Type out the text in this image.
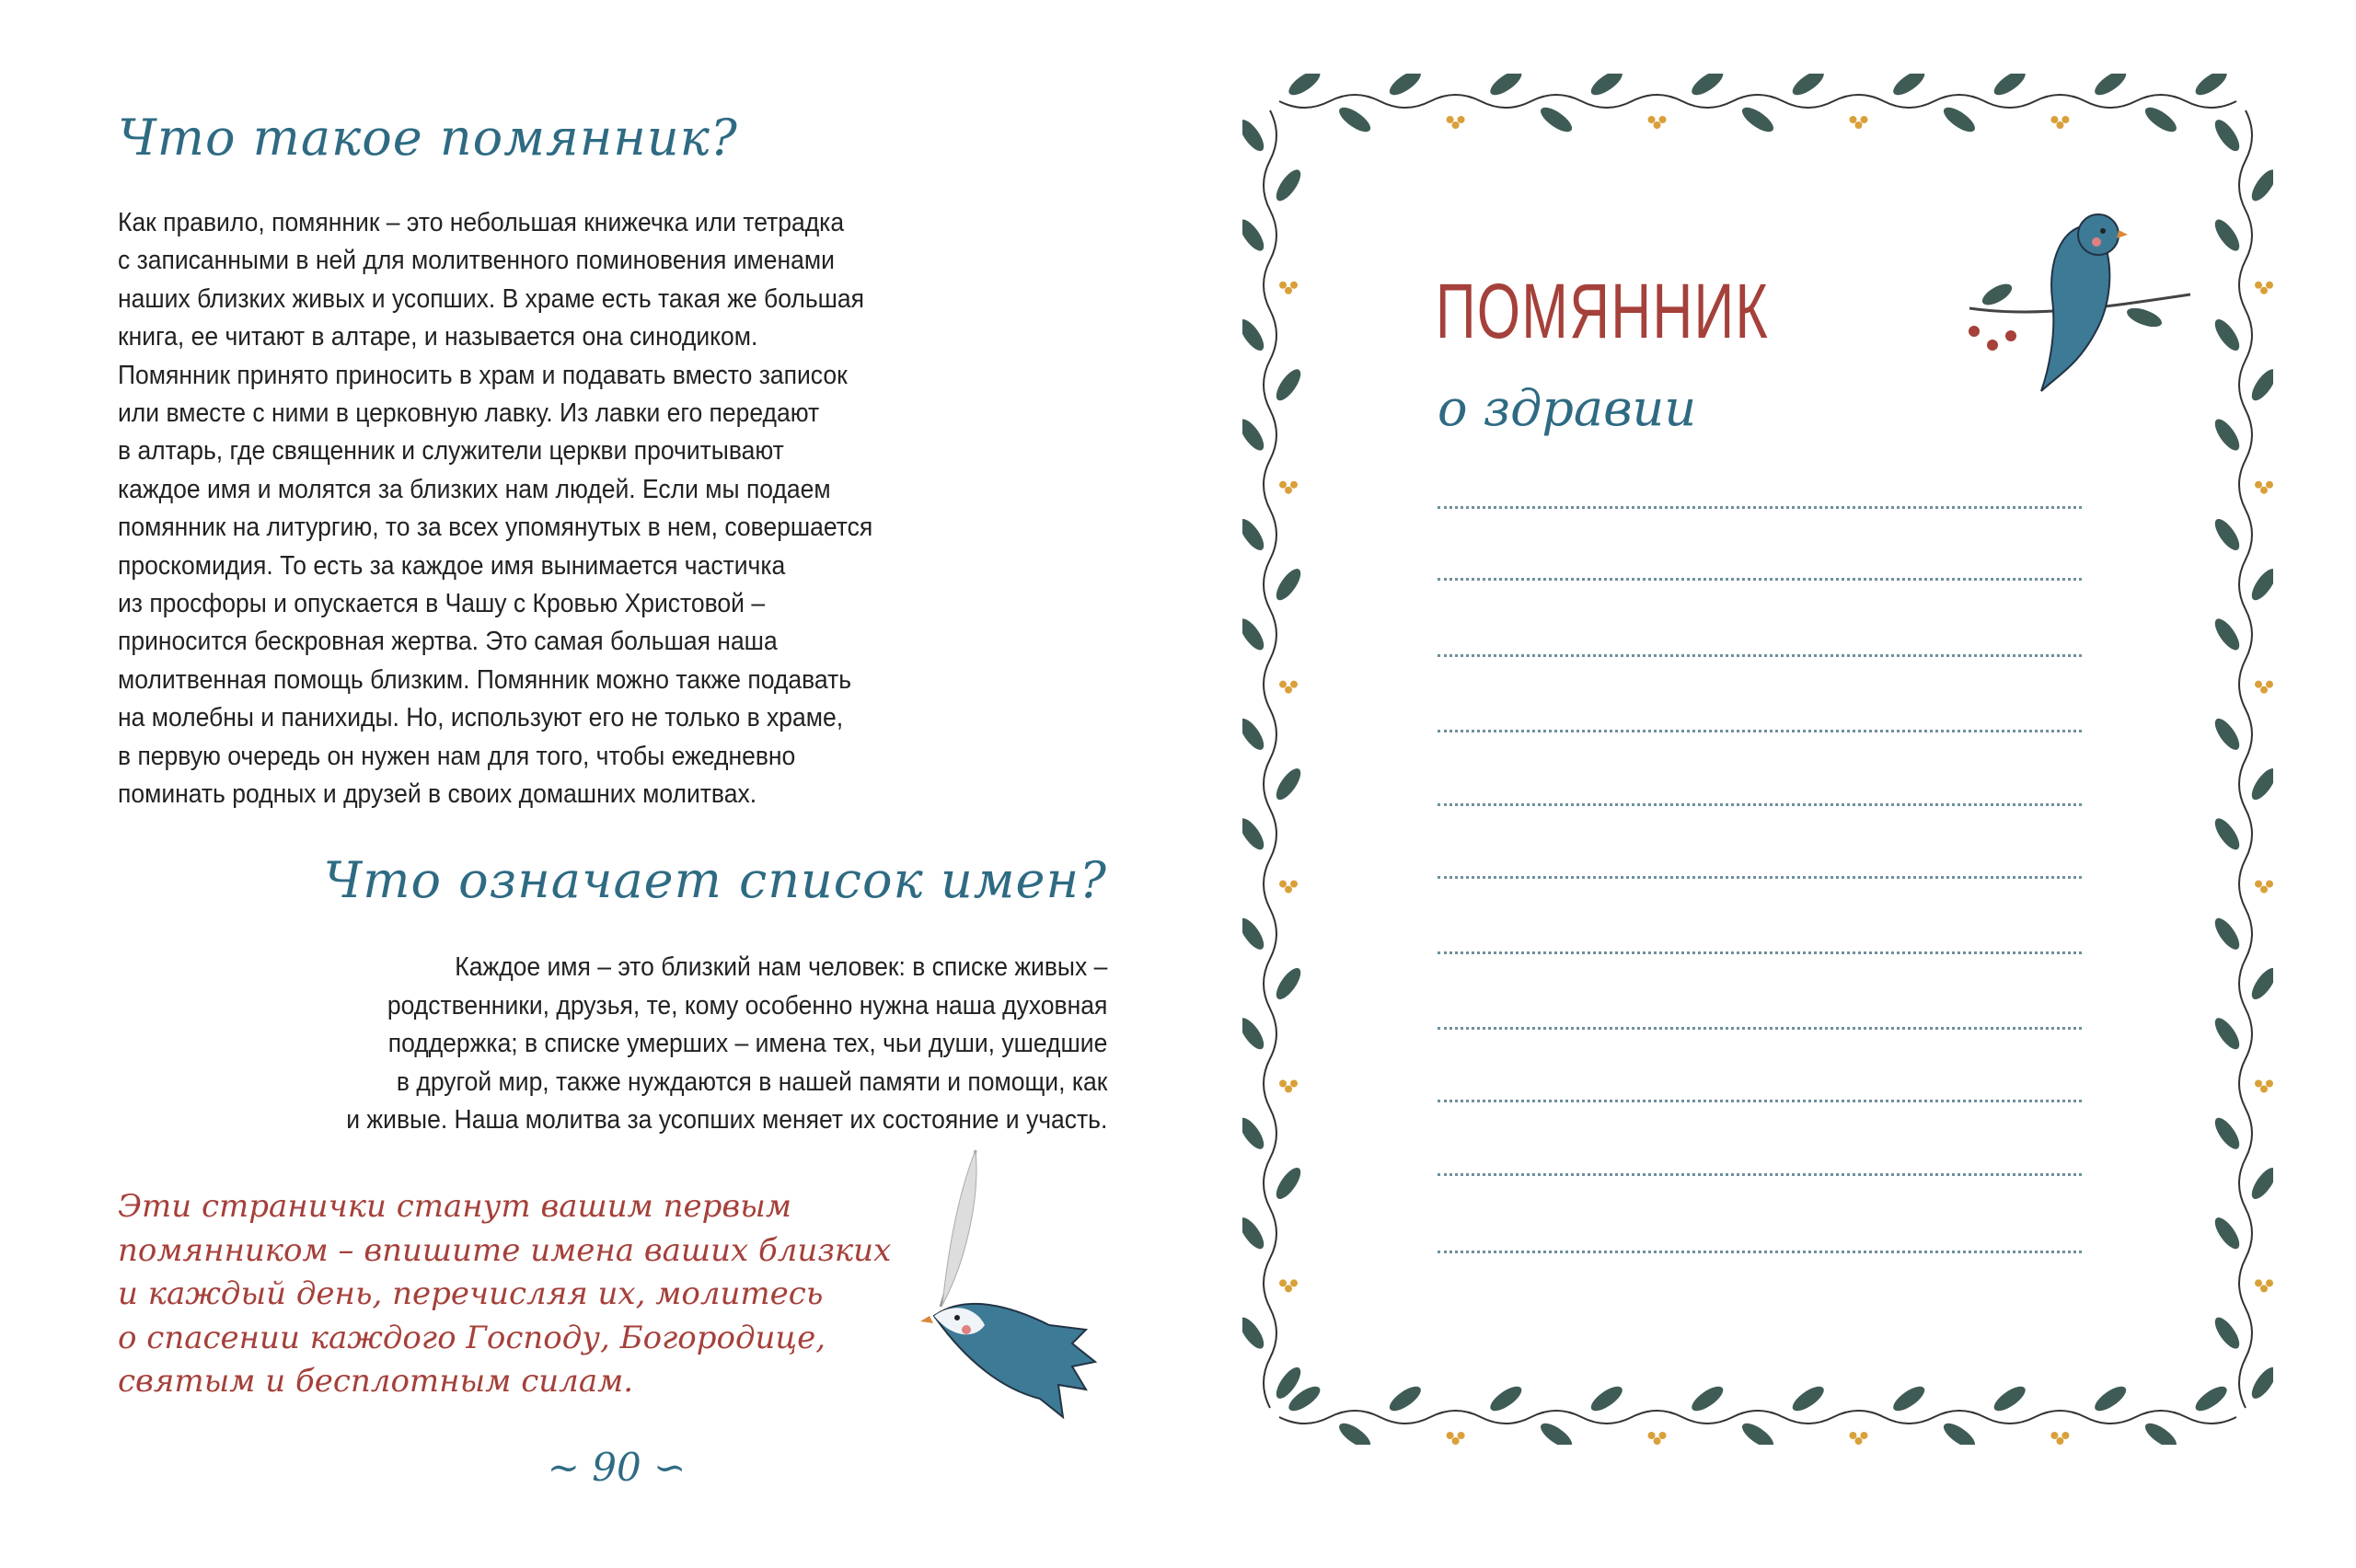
Что такое помянник?
Как правило, помянник – это небольшая книжечка или тетрадка
с записанными в ней для молитвенного поминовения именами
наших близких живых и усопших. В храме есть такая же большая
книга, ее читают в алтаре, и называется она синодиком.
Помянник принято приносить в храм и подавать вместо записок
или вместе с ними в церковную лавку. Из лавки его передают
в алтарь, где священник и служители церкви прочитывают
каждое имя и молятся за близких нам людей. Если мы подаем
помянник на литургию, то за всех упомянутых в нем, совершается
проскомидия. То есть за каждое имя вынимается частичка
из просфоры и опускается в Чашу с Кровью Христовой –
приносится бескровная жертва. Это самая большая наша
молитвенная помощь близким. Помянник можно также подавать
на молебны и панихиды. Но, используют его не только в храме,
в первую очередь он нужен нам для того, чтобы ежедневно
поминать родных и друзей в своих домашних молитвах.
Что означает список имен?
Каждое имя – это близкий нам человек: в списке живых –
родственники, друзья, те, кому особенно нужна наша духовная
поддержка; в списке умерших – имена тех, чьи души, ушедшие
в другой мир, также нуждаются в нашей памяти и помощи, как
и живые. Наша молитва за усопших меняет их состояние и участь.
Эти странички станут вашим первым
помянником – впишите имена ваших близких
и каждый день, перечисляя их, молитесь
о спасении каждого Господу, Богородице,
святым и бесплотным силам.
∼ 90 ∽
ПОМЯННИК
о здравии
